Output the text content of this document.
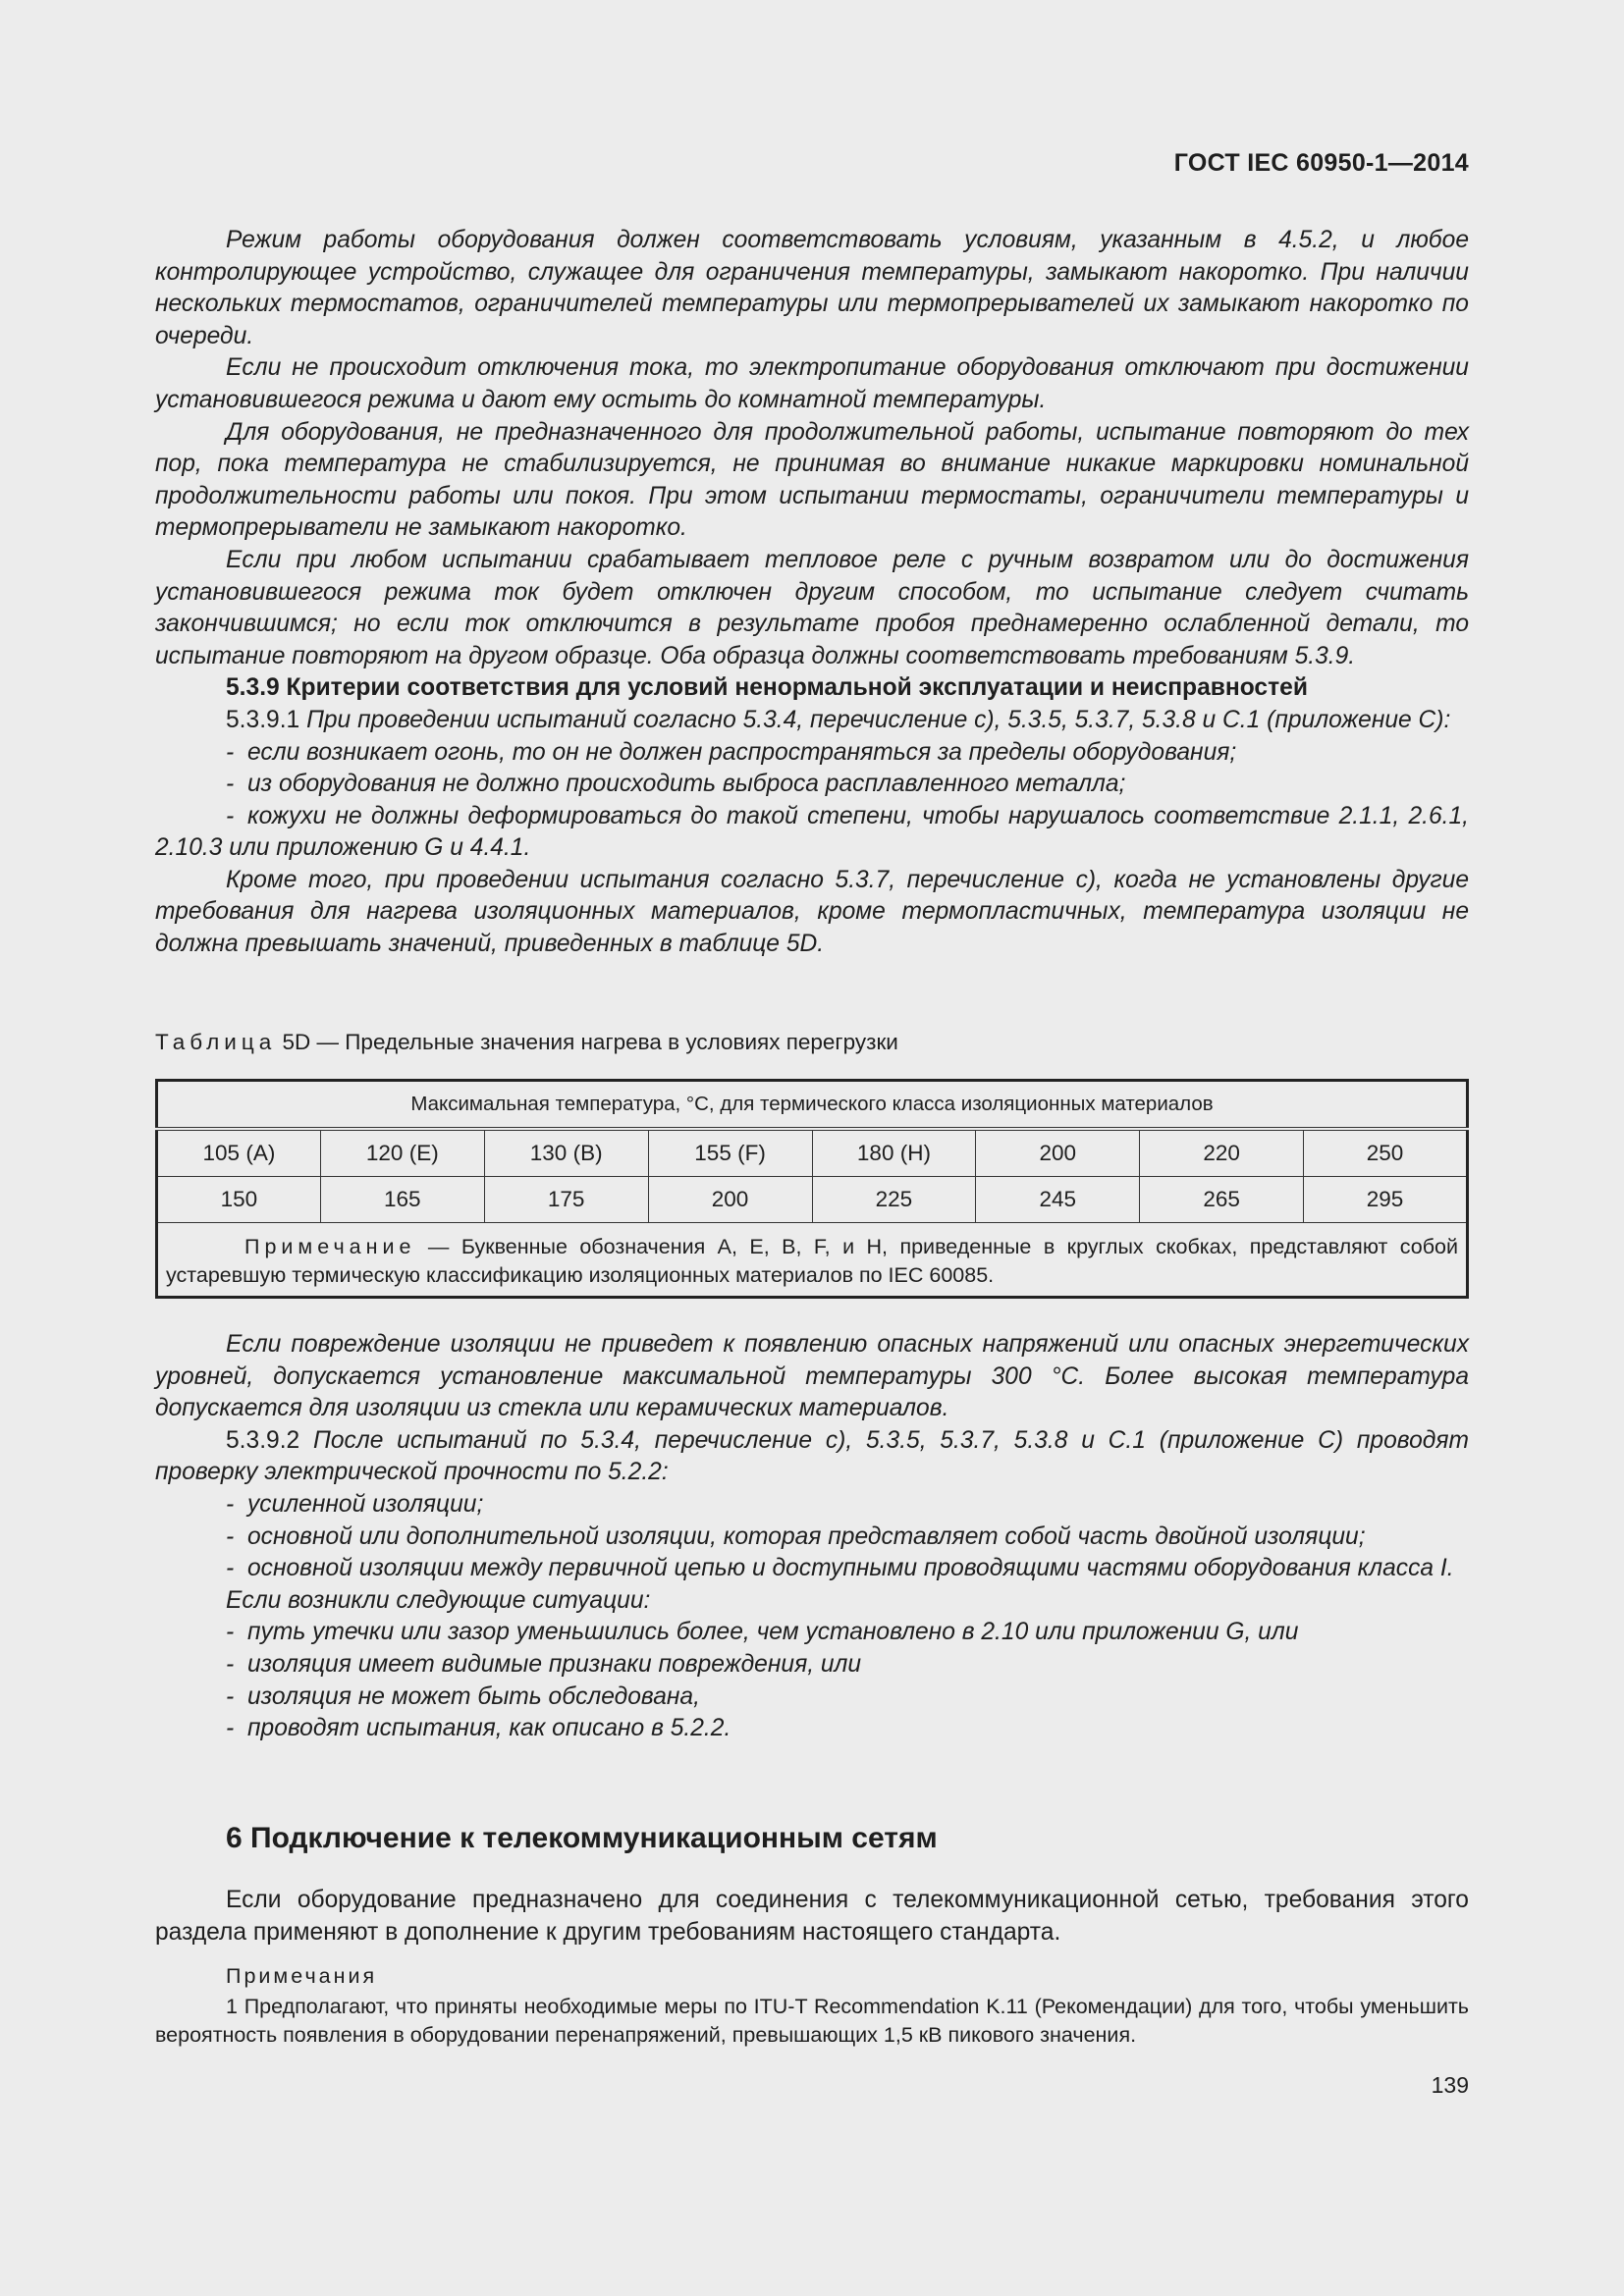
ГОСТ IEC 60950-1—2014

Режим работы оборудования должен соответствовать условиям, указанным в 4.5.2, и любое контролирующее устройство, служащее для ограничения температуры, замыкают накоротко. При наличии нескольких термостатов, ограничителей температуры или термопрерывателей их замыкают накоротко по очереди.

Если не происходит отключения тока, то электропитание оборудования отключают при достижении установившегося режима и дают ему остыть до комнатной температуры.

Для оборудования, не предназначенного для продолжительной работы, испытание повторяют до тех пор, пока температура не стабилизируется, не принимая во внимание никакие маркировки номинальной продолжительности работы или покоя. При этом испытании термостаты, ограничители температуры и термопрерыватели не замыкают накоротко.

Если при любом испытании срабатывает тепловое реле с ручным возвратом или до достижения установившегося режима ток будет отключен другим способом, то испытание следует считать закончившимся; но если ток отключится в результате пробоя преднамеренно ослабленной детали, то испытание повторяют на другом образце. Оба образца должны соответствовать требованиям 5.3.9.

5.3.9 Критерии соответствия для условий ненормальной эксплуатации и неисправностей

5.3.9.1 При проведении испытаний согласно 5.3.4, перечисление с), 5.3.5, 5.3.7, 5.3.8 и С.1 (приложение С):

- если возникает огонь, то он не должен распространяться за пределы оборудования;

- из оборудования не должно происходить выброса расплавленного металла;

- кожухи не должны деформироваться до такой степени, чтобы нарушалось соответствие 2.1.1, 2.6.1, 2.10.3 или приложению G и 4.4.1.

Кроме того, при проведении испытания согласно 5.3.7, перечисление с), когда не установлены другие требования для нагрева изоляционных материалов, кроме термопластичных, температура изоляции не должна превышать значений, приведенных в таблице 5D.

Таблица 5D — Предельные значения нагрева в условиях перегрузки
Максимальная температура, °С, для термического класса изоляционных материалов							
105 (A)	120 (E)	130 (B)	155 (F)	180 (H)	200	220	250
150	165	175	200	225	245	265	295
Примечание — Буквенные обозначения А, Е, В, F, и Н, приведенные в круглых скобках, представляют собой устаревшую термическую классификацию изоляционных материалов по IEC 60085.							

Если повреждение изоляции не приведет к появлению опасных напряжений или опасных энергетических уровней, допускается установление максимальной температуры 300 °С. Более высокая температура допускается для изоляции из стекла или керамических материалов.

5.3.9.2 После испытаний по 5.3.4, перечисление с), 5.3.5, 5.3.7, 5.3.8 и С.1 (приложение С) проводят проверку электрической прочности по 5.2.2:

- усиленной изоляции;

- основной или дополнительной изоляции, которая представляет собой часть двойной изоляции;

- основной изоляции между первичной цепью и доступными проводящими частями оборудования класса I.

Если возникли следующие ситуации:

- путь утечки или зазор уменьшились более, чем установлено в 2.10 или приложении G, или

- изоляция имеет видимые признаки повреждения, или

- изоляция не может быть обследована,

- проводят испытания, как описано в 5.2.2.

6 Подключение к телекоммуникационным сетям

Если оборудование предназначено для соединения с телекоммуникационной сетью, требования этого раздела применяют в дополнение к другим требованиям настоящего стандарта.

Примечания

1 Предполагают, что приняты необходимые меры по ITU-T Recommendation K.11 (Рекомендации) для того, чтобы уменьшить вероятность появления в оборудовании перенапряжений, превышающих 1,5 кВ пикового значения.

139
